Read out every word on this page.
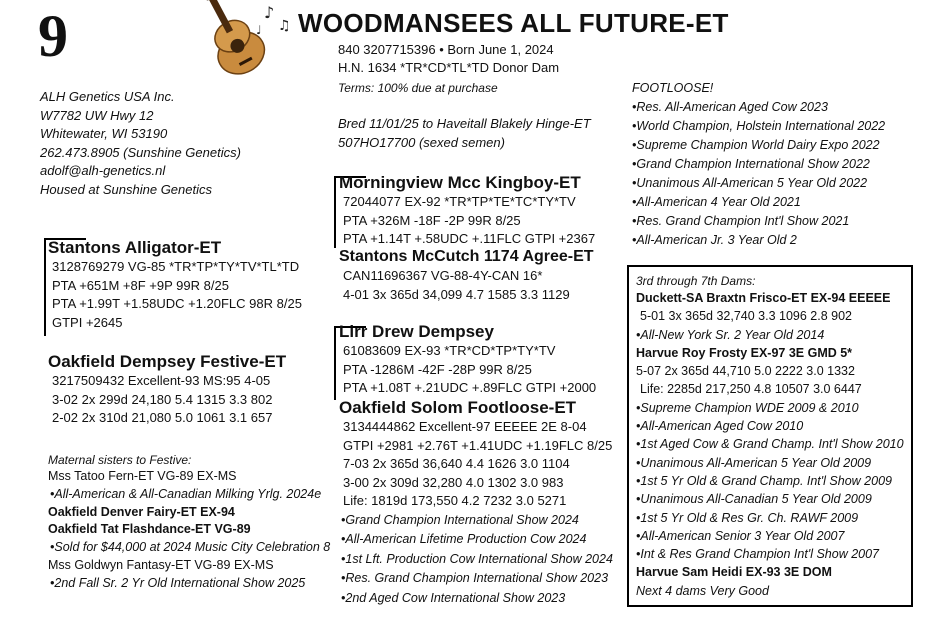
9	♪
♫
♩ WOODMANSEES ALL FUTURE-ET
840 3207715396 • Born June 1, 2024
H.N. 1634 *TR*CD*TL*TD Donor Dam
Terms: 100% due at purchase
ALH Genetics USA Inc.
W7782 UW Hwy 12
Whitewater, WI 53190
262.473.8905 (Sunshine Genetics)
adolf@alh-genetics.nl
Housed at Sunshine Genetics
Bred 11/01/25 to Haveitall Blakely Hinge-ET
507HO17700 (sexed semen)
Stantons Alligator-ET
3128769279 VG-85 *TR*TP*TY*TV*TL*TD
PTA +651M +8F +9P 99R 8/25
PTA +1.99T +1.58UDC +1.20FLC 98R 8/25
GTPI +2645
Oakfield Dempsey Festive-ET
3217509432 Excellent-93 MS:95 4-05
3-02 2x 299d 24,180 5.4 1315 3.3 802
2-02 2x 310d 21,080 5.0 1061 3.1 657
Maternal sisters to Festive:
Mss Tatoo Fern-ET VG-89 EX-MS
•All-American & All-Canadian Milking Yrlg. 2024e
Oakfield Denver Fairy-ET EX-94
Oakfield Tat Flashdance-ET VG-89
•Sold for $44,000 at 2024 Music City Celebration 8
Mss Goldwyn Fantasy-ET VG-89 EX-MS
•2nd Fall Sr. 2 Yr Old International Show 2025
Morningview Mcc Kingboy-ET
72044077 EX-92 *TR*TP*TE*TC*TY*TV
PTA +326M -18F -2P 99R 8/25
PTA +1.14T +.58UDC +.11FLC GTPI +2367
Stantons McCutch 1174 Agree-ET
CAN11696367 VG-88-4Y-CAN 16*
4-01 3x 365d 34,099 4.7 1585 3.3 1129
Lirr Drew Dempsey
61083609 EX-93 *TR*CD*TP*TY*TV
PTA -1286M -42F -28P 99R 8/25
PTA +1.08T +.21UDC +.89FLC GTPI +2000
Oakfield Solom Footloose-ET
3134444862 Excellent-97 EEEEE 2E 8-04
GTPI +2981 +2.76T +1.41UDC +1.19FLC 8/25
7-03 2x 365d 36,640 4.4 1626 3.0 1104
3-00 2x 309d 32,280 4.0 1302 3.0 983
Life: 1819d 173,550 4.2 7232 3.0 5271
•Grand Champion International Show 2024
•All-American Lifetime Production Cow 2024
•1st Lft. Production Cow International Show 2024
•Res. Grand Champion International Show 2023
•2nd Aged Cow International Show 2023
FOOTLOOSE!
•Res. All-American Aged Cow 2023
•World Champion, Holstein International 2022
•Supreme Champion World Dairy Expo 2022
•Grand Champion International Show 2022
•Unanimous All-American 5 Year Old 2022
•All-American 4 Year Old 2021
•Res. Grand Champion Int'l Show 2021
•All-American Jr. 3 Year Old 2
3rd through 7th Dams:
Duckett-SA Braxtn Frisco-ET EX-94 EEEEE
5-01 3x 365d 32,740 3.3 1096 2.8 902
•All-New York Sr. 2 Year Old 2014
Harvue Roy Frosty EX-97 3E GMD 5*
5-07 2x 365d 44,710 5.0 2222 3.0 1332
Life: 2285d 217,250 4.8 10507 3.0 6447
•Supreme Champion WDE 2009 & 2010
•All-American Aged Cow 2010
•1st Aged Cow & Grand Champ. Int'l Show 2010
•Unanimous All-American 5 Year Old 2009
•1st 5 Yr Old & Grand Champ. Int'l Show 2009
•Unanimous All-Canadian 5 Year Old 2009
•1st 5 Yr Old & Res Gr. Ch. RAWF 2009
•All-American Senior 3 Year Old 2007
•Int & Res Grand Champion Int'l Show 2007
Harvue Sam Heidi EX-93 3E DOM
Next 4 dams Very Good
